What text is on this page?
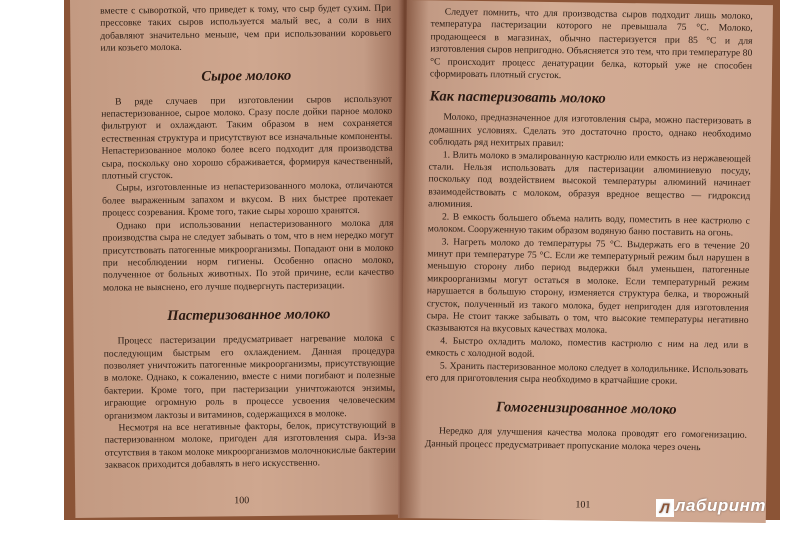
вместе с сывороткой, что приведет к тому, что сыр будет сухим. При прессовке таких сыров используется малый вес, а соли в них добавляют значительно меньше, чем при использовании коровьего или козьего молока.

Сырое молоко

В ряде случаев при изготовлении сыров используют непастеризованное, сырое молоко. Сразу после дойки парное молоко фильтруют и охлаждают. Таким образом в нем сохраняется естественная структура и присутствуют все изначальные компоненты. Непастеризованное молоко более всего подходит для производства сыра, поскольку оно хорошо сбраживается, формируя качественный, плотный сгусток.

Сыры, изготовленные из непастеризованного молока, отличаются более выраженным запахом и вкусом. В них быстрее протекает процесс созревания. Кроме того, такие сыры хорошо хранятся.

Однако при использовании непастеризованного молока для производства сыра не следует забывать о том, что в нем нередко могут присутствовать патогенные микроорганизмы. Попадают они в молоко при несоблюдении норм гигиены. Особенно опасно молоко, полученное от больных животных. По этой причине, если качество молока не выяснено, его лучше подвергнуть пастеризации.

Пастеризованное молоко

Процесс пастеризации предусматривает нагревание молока с последующим быстрым его охлаждением. Данная процедура позволяет уничтожить патогенные микроорганизмы, присутствующие в молоке. Однако, к сожалению, вместе с ними погибают и полезные бактерии. Кроме того, при пастеризации уничтожаются энзимы, играющие огромную роль в процессе усвоения человеческим организмом лактозы и витаминов, содержащихся в молоке.

Несмотря на все негативные факторы, белок, присутствующий в пастеризованном молоке, пригоден для изготовления сыра. Из-за отсутствия в таком молоке микроорганизмов молочнокислые бактерии заквасок приходится добавлять в него искусственно.

100

Следует помнить, что для производства сыров подходит лишь молоко, температура пастеризации которого не превышала 75 °С. Молоко, продающееся в магазинах, обычно пастеризуется при 85 °С и для изготовления сыров непригодно. Объясняется это тем, что при температуре 80 °С происходит процесс денатурации белка, который уже не способен сформировать плотный сгусток.

Как пастеризовать молоко

Молоко, предназначенное для изготовления сыра, можно пастеризовать в домашних условиях. Сделать это достаточно просто, однако необходимо соблюдать ряд нехитрых правил:

1. Влить молоко в эмалированную кастрюлю или емкость из нержавеющей стали. Нельзя использовать для пастеризации алюминиевую посуду, поскольку под воздействием высокой температуры алюминий начинает взаимодействовать с молоком, образуя вредное вещество — гидроксид алюминия.

2. В емкость большего объема налить воду, поместить в нее кастрюлю с молоком. Сооруженную таким образом водяную баню поставить на огонь.

3. Нагреть молоко до температуры 75 °С. Выдержать его в течение 20 минут при температуре 75 °С. Если же температурный режим был нарушен в меньшую сторону либо период выдержки был уменьшен, патогенные микроорганизмы могут остаться в молоке. Если температурный режим нарушается в большую сторону, изменяется структура белка, и творожный сгусток, полученный из такого молока, будет непригоден для изготовления сыра. Не стоит также забывать о том, что высокие температуры негативно сказываются на вкусовых качествах молока.

4. Быстро охладить молоко, поместив кастрюлю с ним на лед или в емкость с холодной водой.

5. Хранить пастеризованное молоко следует в холодильнике. Использовать его для приготовления сыра необходимо в кратчайшие сроки.

Гомогенизированное молоко

Нередко для улучшения качества молока проводят его гомогенизацию. Данный процесс предусматривает пропускание молока через очень

101	Л лабиринт
